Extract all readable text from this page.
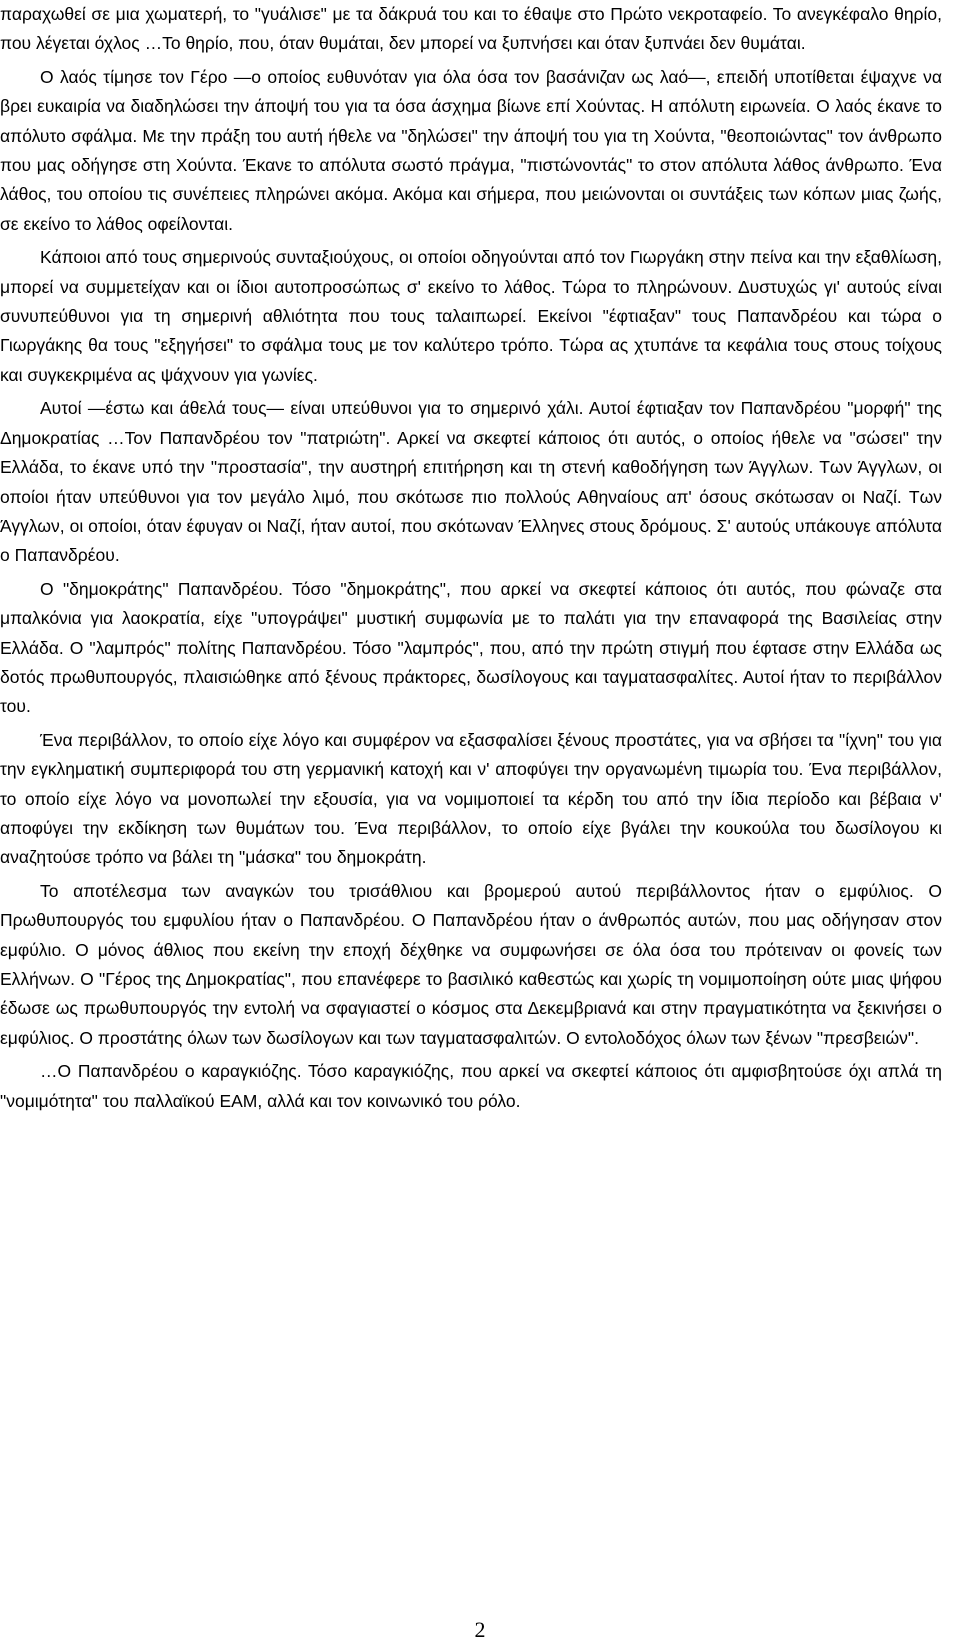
παραχωθεί σε μια χωματερή, το "γυάλισε" με τα δάκρυά του και το έθαψε στο Πρώτο νεκροταφείο. Το ανεγκέφαλο θηρίο, που λέγεται όχλος …Το θηρίο, που, όταν θυμάται, δεν μπορεί να ξυπνήσει και όταν ξυπνάει δεν θυμάται.

Ο λαός τίμησε τον Γέρο —ο οποίος ευθυνόταν για όλα όσα τον βασάνιζαν ως λαό—, επειδή υποτίθεται έψαχνε να βρει ευκαιρία να διαδηλώσει την άποψή του για τα όσα άσχημα βίωνε επί Χούντας. Η απόλυτη ειρωνεία. Ο λαός έκανε το απόλυτο σφάλμα. Με την πράξη του αυτή ήθελε να "δηλώσει" την άποψή του για τη Χούντα, "θεοποιώντας" τον άνθρωπο που μας οδήγησε στη Χούντα. Έκανε το απόλυτα σωστό πράγμα, "πιστώνοντάς" το στον απόλυτα λάθος άνθρωπο. Ένα λάθος, του οποίου τις συνέπειες πληρώνει ακόμα. Ακόμα και σήμερα, που μειώνονται οι συντάξεις των κόπων μιας ζωής, σε εκείνο το λάθος οφείλονται.

Κάποιοι από τους σημερινούς συνταξιούχους, οι οποίοι οδηγούνται από τον Γιωργάκη στην πείνα και την εξαθλίωση, μπορεί να συμμετείχαν και οι ίδιοι αυτοπροσώπως σ' εκείνο το λάθος. Τώρα το πληρώνουν. Δυστυχώς γι' αυτούς είναι συνυπεύθυνοι για τη σημερινή αθλιότητα που τους ταλαιπωρεί. Εκείνοι "έφτιαξαν" τους Παπανδρέου και τώρα ο Γιωργάκης θα τους "εξηγήσει" το σφάλμα τους με τον καλύτερο τρόπο. Τώρα ας χτυπάνε τα κεφάλια τους στους τοίχους και συγκεκριμένα ας ψάχνουν για γωνίες.

Αυτοί —έστω και άθελά τους— είναι υπεύθυνοι για το σημερινό χάλι. Αυτοί έφτιαξαν τον Παπανδρέου "μορφή" της Δημοκρατίας …Τον Παπανδρέου τον "πατριώτη". Αρκεί να σκεφτεί κάποιος ότι αυτός, ο οποίος ήθελε να "σώσει" την Ελλάδα, το έκανε υπό την "προστασία", την αυστηρή επιτήρηση και τη στενή καθοδήγηση των Άγγλων. Των Άγγλων, οι οποίοι ήταν υπεύθυνοι για τον μεγάλο λιμό, που σκότωσε πιο πολλούς Αθηναίους απ' όσους σκότωσαν οι Ναζί. Των Άγγλων, οι οποίοι, όταν έφυγαν οι Ναζί, ήταν αυτοί, που σκότωναν Έλληνες στους δρόμους. Σ' αυτούς υπάκουγε απόλυτα ο Παπανδρέου.

Ο "δημοκράτης" Παπανδρέου. Τόσο "δημοκράτης", που αρκεί να σκεφτεί κάποιος ότι αυτός, που φώναζε στα μπαλκόνια για λαοκρατία, είχε "υπογράψει" μυστική συμφωνία με το παλάτι για την επαναφορά της Βασιλείας στην Ελλάδα. Ο "λαμπρός" πολίτης Παπανδρέου. Τόσο "λαμπρός", που, από την πρώτη στιγμή που έφτασε στην Ελλάδα ως δοτός πρωθυπουργός, πλαισιώθηκε από ξένους πράκτορες, δωσίλογους και ταγματασφαλίτες. Αυτοί ήταν το περιβάλλον του.

Ένα περιβάλλον, το οποίο είχε λόγο και συμφέρον να εξασφαλίσει ξένους προστάτες, για να σβήσει τα "ίχνη" του για την εγκληματική συμπεριφορά του στη γερμανική κατοχή και ν' αποφύγει την οργανωμένη τιμωρία του. Ένα περιβάλλον, το οποίο είχε λόγο να μονοπωλεί την εξουσία, για να νομιμοποιεί τα κέρδη του από την ίδια περίοδο και βέβαια ν' αποφύγει την εκδίκηση των θυμάτων του. Ένα περιβάλλον, το οποίο είχε βγάλει την κουκούλα του δωσίλογου κι αναζητούσε τρόπο να βάλει τη "μάσκα" του δημοκράτη.

Το αποτέλεσμα των αναγκών του τρισάθλιου και βρομερού αυτού περιβάλλοντος ήταν ο εμφύλιος. Ο Πρωθυπουργός του εμφυλίου ήταν ο Παπανδρέου. Ο Παπανδρέου ήταν ο άνθρωπός αυτών, που μας οδήγησαν στον εμφύλιο. Ο μόνος άθλιος που εκείνη την εποχή δέχθηκε να συμφωνήσει σε όλα όσα του πρότειναν οι φονείς των Ελλήνων. Ο "Γέρος της Δημοκρατίας", που επανέφερε το βασιλικό καθεστώς και χωρίς τη νομιμοποίηση ούτε μιας ψήφου έδωσε ως πρωθυπουργός την εντολή να σφαγιαστεί ο κόσμος στα Δεκεμβριανά και στην πραγματικότητα να ξεκινήσει ο εμφύλιος. Ο προστάτης όλων των δωσίλογων και των ταγματασφαλιτών. Ο εντολοδόχος όλων των ξένων "πρεσβειών".

…Ο Παπανδρέου ο καραγκιόζης. Τόσο καραγκιόζης, που αρκεί να σκεφτεί κάποιος ότι αμφισβητούσε όχι απλά τη "νομιμότητα" του παλλαϊκού ΕΑΜ, αλλά και τον κοινωνικό του ρόλο.

2
